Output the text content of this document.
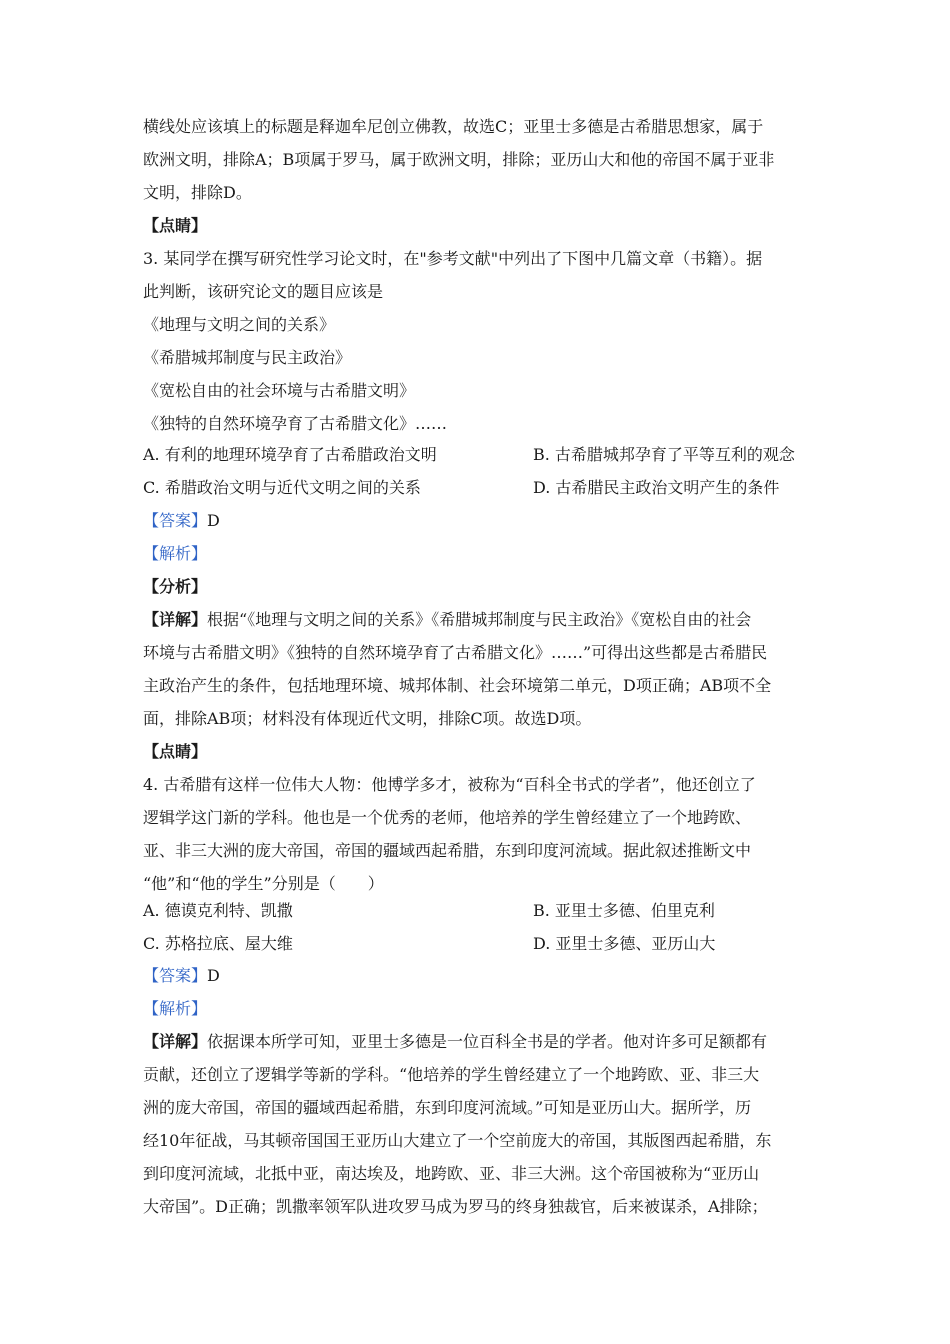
横线处应该填上的标题是释迦牟尼创立佛教，故选C；亚里士多德是古希腊思想家，属于
欧洲文明，排除A；B项属于罗马，属于欧洲文明，排除；亚历山大和他的帝国不属于亚非
文明，排除D。
【点睛】
3. 某同学在撰写研究性学习论文时，在"参考文献"中列出了下图中几篇文章（书籍）。据
此判断，该研究论文的题目应该是
《地理与文明之间的关系》
《希腊城邦制度与民主政治》
《宽松自由的社会环境与古希腊文明》
《独特的自然环境孕育了古希腊文化》……
A. 有利的地理环境孕育了古希腊政治文明	B. 古希腊城邦孕育了平等互利的观念
C. 希腊政治文明与近代文明之间的关系	D. 古希腊民主政治文明产生的条件
【答案】D
【解析】
【分析】
【详解】根据“《地理与文明之间的关系》《希腊城邦制度与民主政治》《宽松自由的社会
环境与古希腊文明》《独特的自然环境孕育了古希腊文化》……”可得出这些都是古希腊民
主政治产生的条件，包括地理环境、城邦体制、社会环境第二单元，D项正确；AB项不全
面，排除AB项；材料没有体现近代文明，排除C项。故选D项。
【点睛】
4. 古希腊有这样一位伟大人物：他博学多才，被称为“百科全书式的学者”，他还创立了
逻辑学这门新的学科。他也是一个优秀的老师，他培养的学生曾经建立了一个地跨欧、
亚、非三大洲的庞大帝国，帝国的疆域西起希腊，东到印度河流域。据此叙述推断文中
“他”和“他的学生”分别是（　　）
A. 德谟克利特、凯撒	B. 亚里士多德、伯里克利
C. 苏格拉底、屋大维	D. 亚里士多德、亚历山大
【答案】D
【解析】
【详解】依据课本所学可知，亚里士多德是一位百科全书是的学者。他对许多可足额都有
贡献，还创立了逻辑学等新的学科。“他培养的学生曾经建立了一个地跨欧、亚、非三大
洲的庞大帝国，帝国的疆域西起希腊，东到印度河流域。”可知是亚历山大。据所学，历
经10年征战，马其顿帝国国王亚历山大建立了一个空前庞大的帝国，其版图西起希腊，东
到印度河流域，北抵中亚，南达埃及，地跨欧、亚、非三大洲。这个帝国被称为“亚历山
大帝国”。D正确；凯撒率领军队进攻罗马成为罗马的终身独裁官，后来被谋杀，A排除；
